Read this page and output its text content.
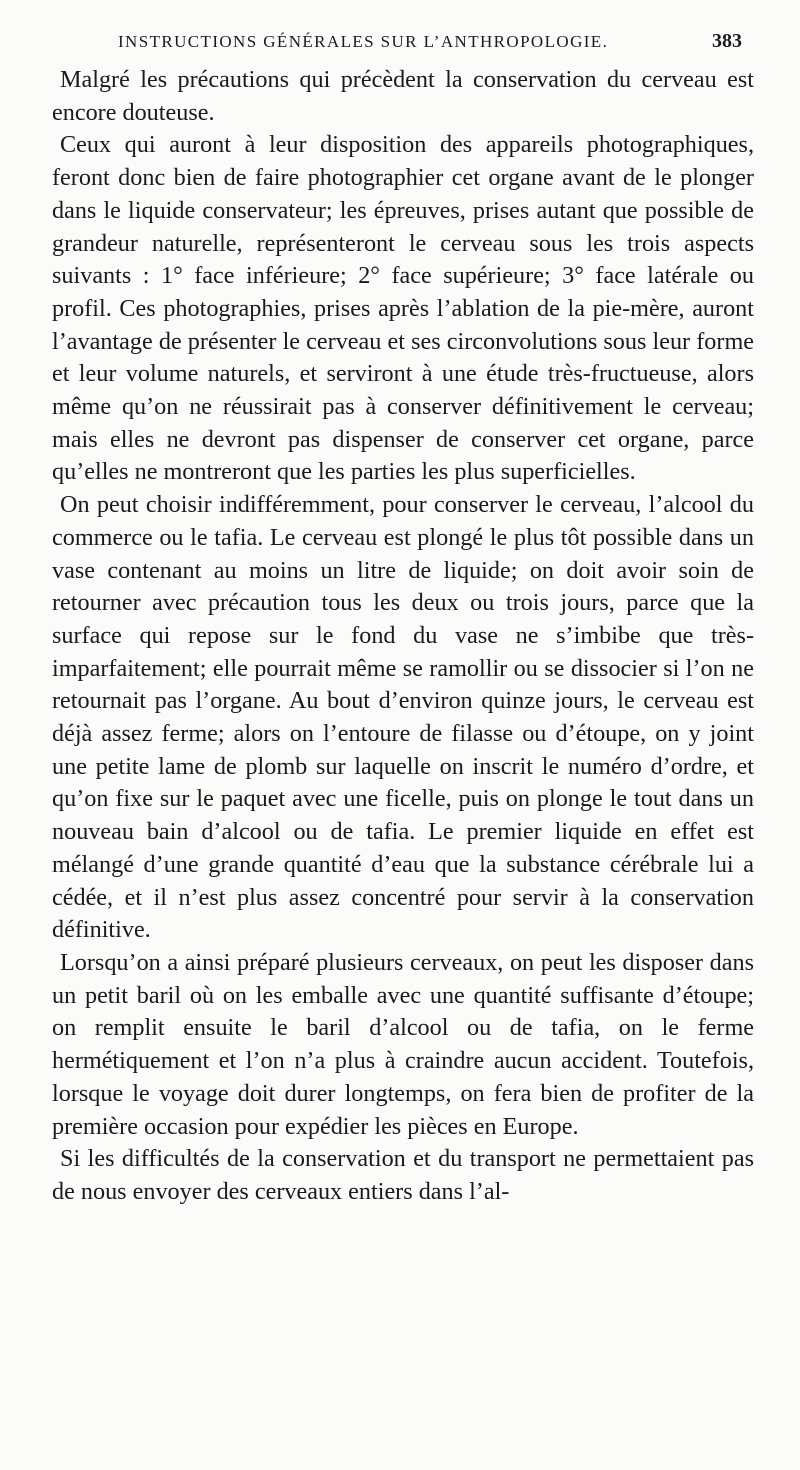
INSTRUCTIONS GÉNÉRALES SUR L’ANTHROPOLOGIE.	383

Malgré les précautions qui précèdent la conservation du cerveau est encore douteuse.

Ceux qui auront à leur disposition des appareils photographiques, feront donc bien de faire photographier cet organe avant de le plonger dans le liquide conservateur; les épreuves, prises autant que possible de grandeur naturelle, représenteront le cerveau sous les trois aspects suivants : 1° face inférieure; 2° face supérieure; 3° face latérale ou profil. Ces photographies, prises après l’ablation de la pie-mère, auront l’avantage de présenter le cerveau et ses circonvolutions sous leur forme et leur volume naturels, et serviront à une étude très-fructueuse, alors même qu’on ne réussirait pas à conserver définitivement le cerveau; mais elles ne devront pas dispenser de conserver cet organe, parce qu’elles ne montreront que les parties les plus superficielles.

On peut choisir indifféremment, pour conserver le cerveau, l’alcool du commerce ou le tafia. Le cerveau est plongé le plus tôt possible dans un vase contenant au moins un litre de liquide; on doit avoir soin de retourner avec précaution tous les deux ou trois jours, parce que la surface qui repose sur le fond du vase ne s’imbibe que très-imparfaitement; elle pourrait même se ramollir ou se dissocier si l’on ne retournait pas l’organe. Au bout d’environ quinze jours, le cerveau est déjà assez ferme; alors on l’entoure de filasse ou d’étoupe, on y joint une petite lame de plomb sur laquelle on inscrit le numéro d’ordre, et qu’on fixe sur le paquet avec une ficelle, puis on plonge le tout dans un nouveau bain d’alcool ou de tafia. Le premier liquide en effet est mélangé d’une grande quantité d’eau que la substance cérébrale lui a cédée, et il n’est plus assez concentré pour servir à la conservation définitive.

Lorsqu’on a ainsi préparé plusieurs cerveaux, on peut les disposer dans un petit baril où on les emballe avec une quantité suffisante d’étoupe; on remplit ensuite le baril d’alcool ou de tafia, on le ferme hermétiquement et l’on n’a plus à craindre aucun accident. Toutefois, lorsque le voyage doit durer longtemps, on fera bien de profiter de la première occasion pour expédier les pièces en Europe.

Si les difficultés de la conservation et du transport ne permettaient pas de nous envoyer des cerveaux entiers dans l’al-
